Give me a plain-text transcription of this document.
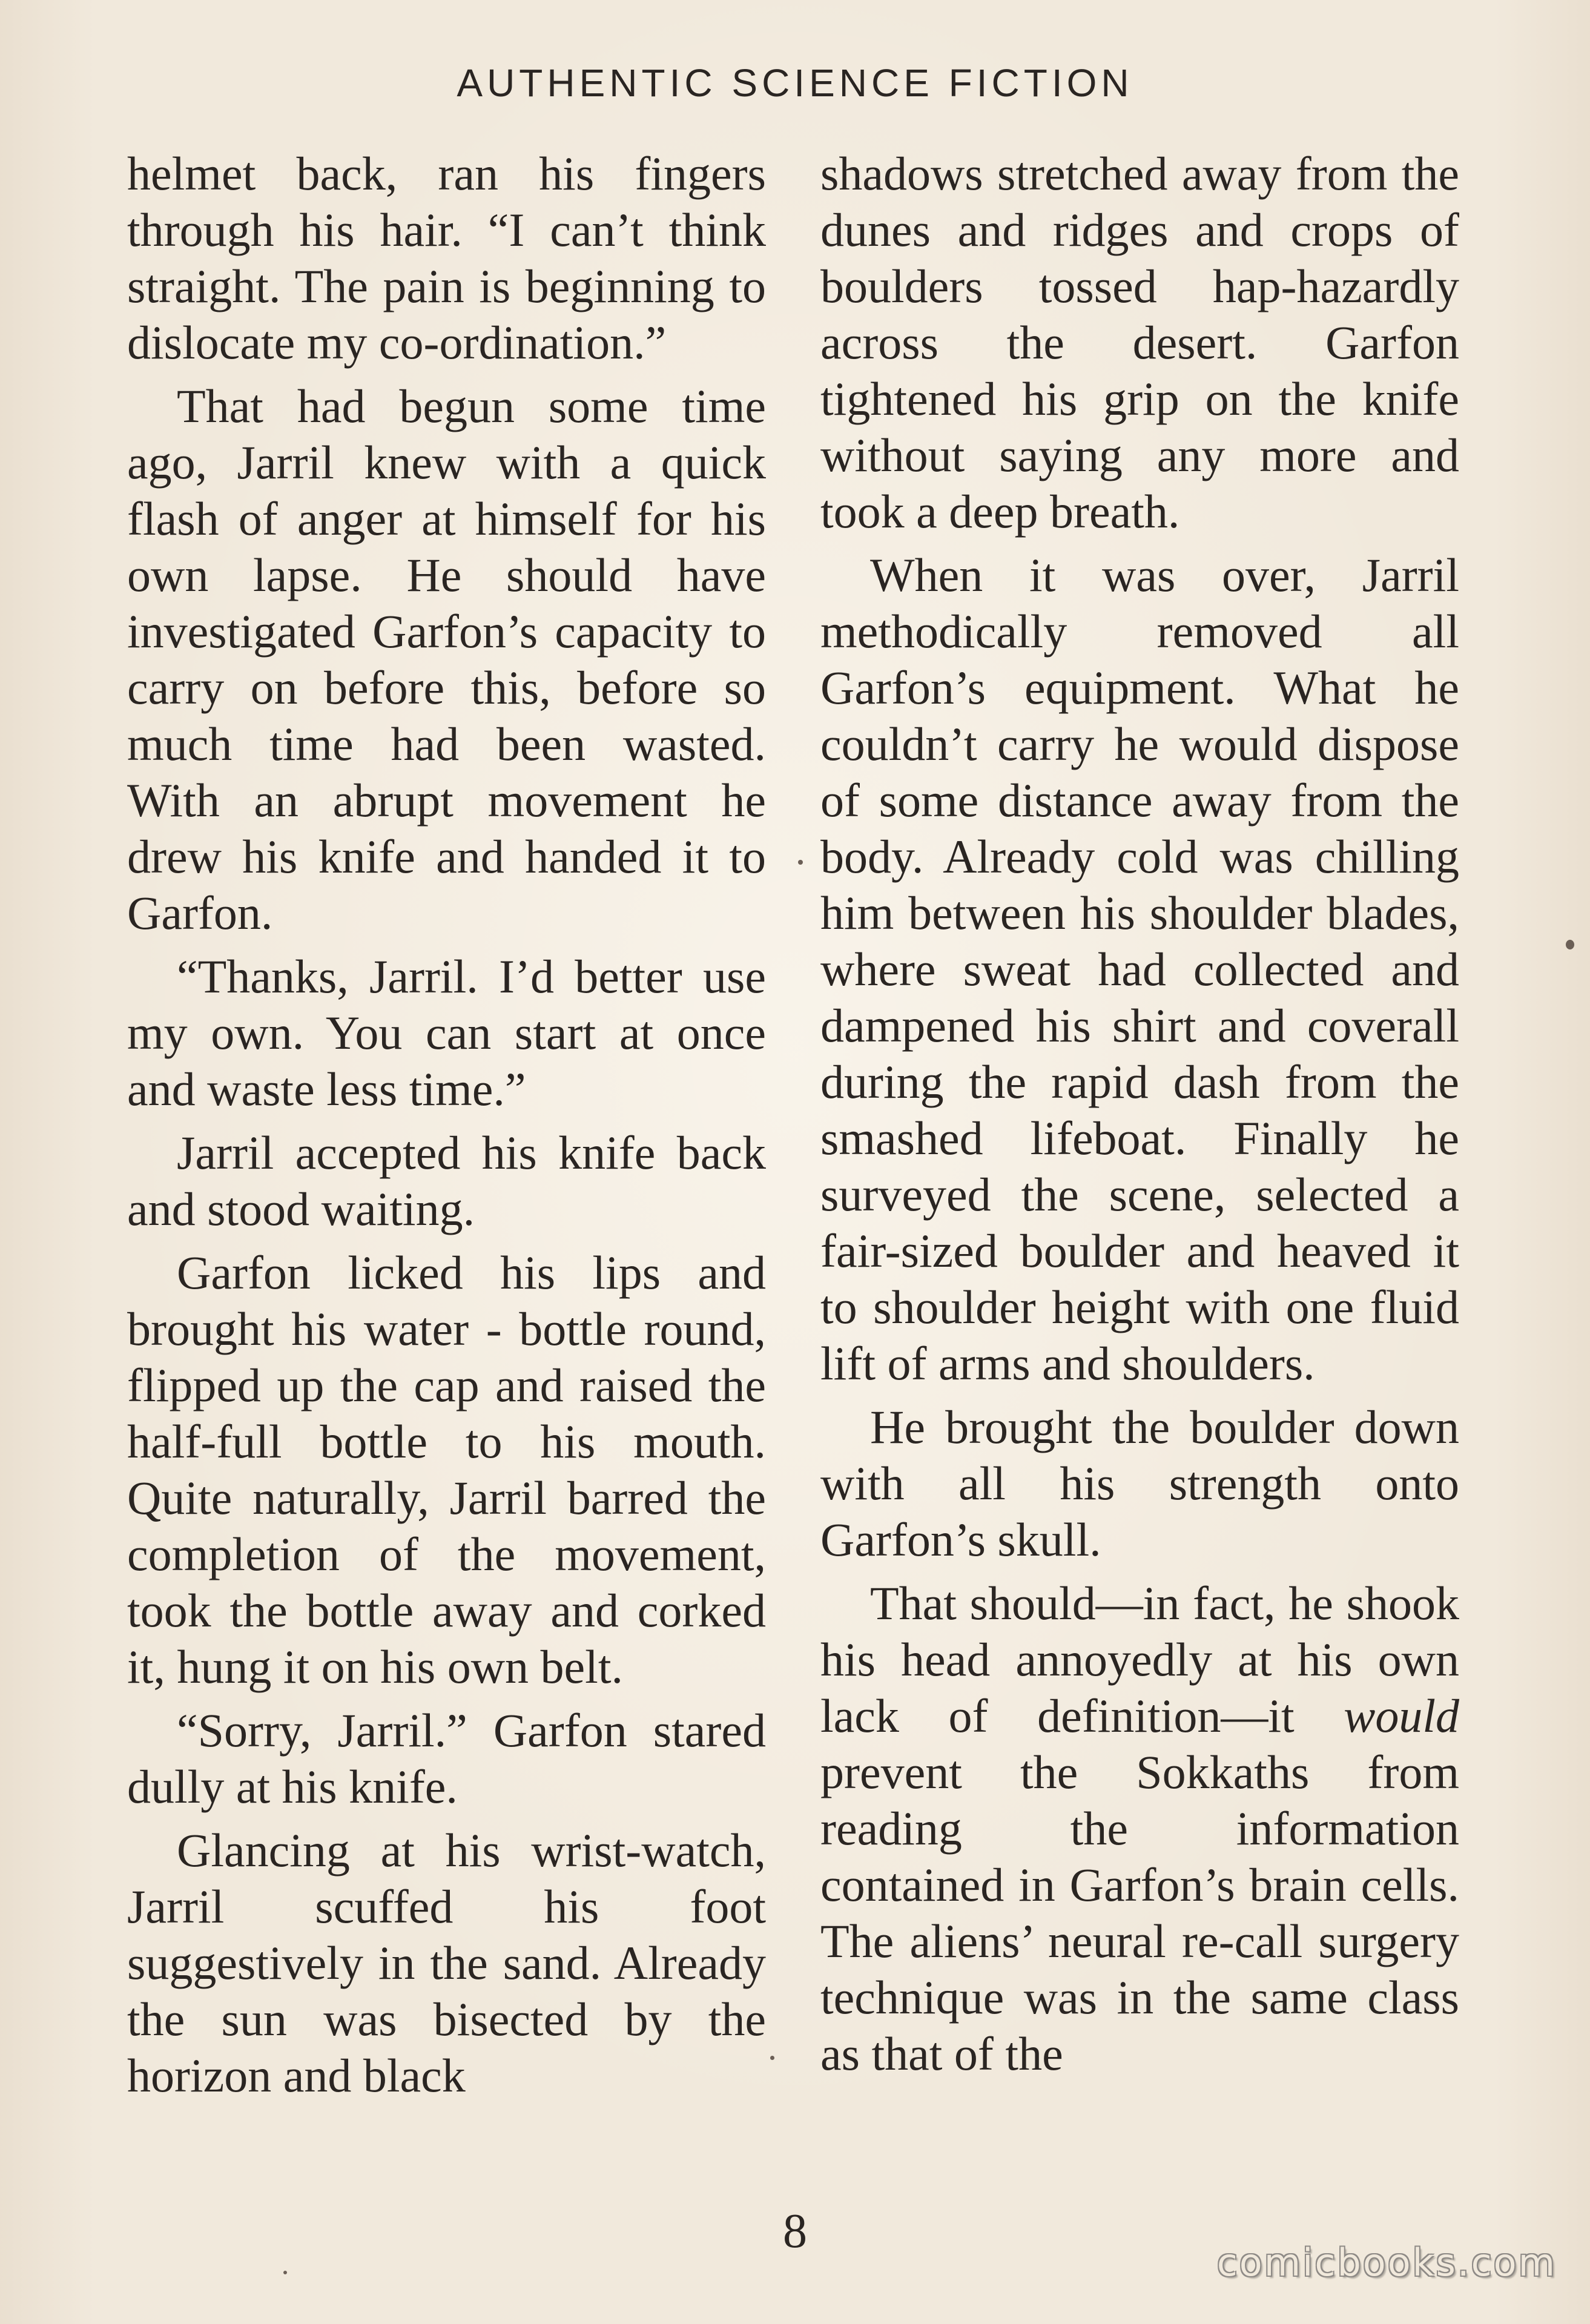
AUTHENTIC SCIENCE FICTION

helmet back, ran his fingers through his hair. “I can’t think straight. The pain is beginning to dislocate my co-ordination.”

That had begun some time ago, Jarril knew with a quick flash of anger at himself for his own lapse. He should have investigated Garfon’s capacity to carry on before this, before so much time had been wasted. With an abrupt movement he drew his knife and handed it to Garfon.

“Thanks, Jarril. I’d better use my own. You can start at once and waste less time.”

Jarril accepted his knife back and stood waiting.

Garfon licked his lips and brought his water - bottle round, flipped up the cap and raised the half-full bottle to his mouth. Quite naturally, Jarril barred the completion of the movement, took the bottle away and corked it, hung it on his own belt.

“Sorry, Jarril.” Garfon stared dully at his knife.

Glancing at his wrist-watch, Jarril scuffed his foot suggestively in the sand. Already the sun was bisected by the horizon and black

shadows stretched away from the dunes and ridges and crops of boulders tossed hap-hazardly across the desert. Garfon tightened his grip on the knife without saying any more and took a deep breath.

When it was over, Jarril methodically removed all Garfon’s equipment. What he couldn’t carry he would dispose of some distance away from the body. Already cold was chilling him between his shoulder blades, where sweat had collected and dampened his shirt and coverall during the rapid dash from the smashed lifeboat. Finally he surveyed the scene, selected a fair-sized boulder and heaved it to shoulder height with one fluid lift of arms and shoulders.

He brought the boulder down with all his strength onto Garfon’s skull.

That should—in fact, he shook his head annoyedly at his own lack of definition—it would prevent the Sokkaths from reading the information contained in Garfon’s brain cells. The aliens’ neural re-call surgery technique was in the same class as that of the

8
comicbooks.com
